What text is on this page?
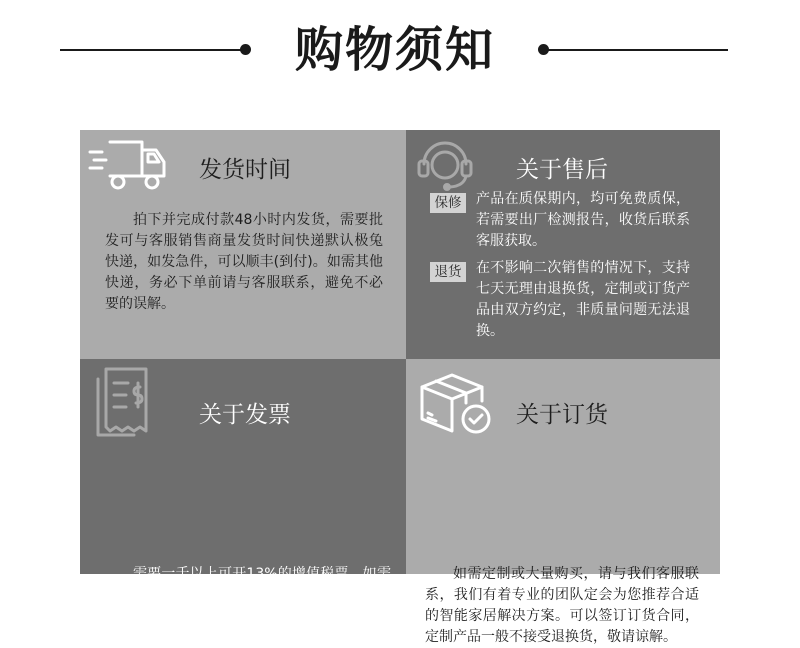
购物须知
发货时间
拍下并完成付款48小时内发货，需要批发可与客服销售商量发货时间快递默认极兔快递，如发急件，可以顺丰(到付)。如需其他快递，务必下单前请与客服联系，避免不必要的误解。
关于售后
保修	产品在质保期内，均可免费质保，若需要出厂检测报告，收货后联系客服获取。
退货	在不影响二次销售的情况下，支持七天无理由退换货，定制或订货产品由双方约定，非质量问题无法退换。
关于发票
需要一千以上可开13%的增值税票，如需开增值税票或者普通发票请提前与客服联系，对已经开具发票订单的，一般不接受退货，请事先谨慎选型下单。
关于订货
如需定制或大量购买，请与我们客服联系，我们有着专业的团队定会为您推荐合适的智能家居解决方案。可以签订订货合同，定制产品一般不接受退换货，敬请谅解。
